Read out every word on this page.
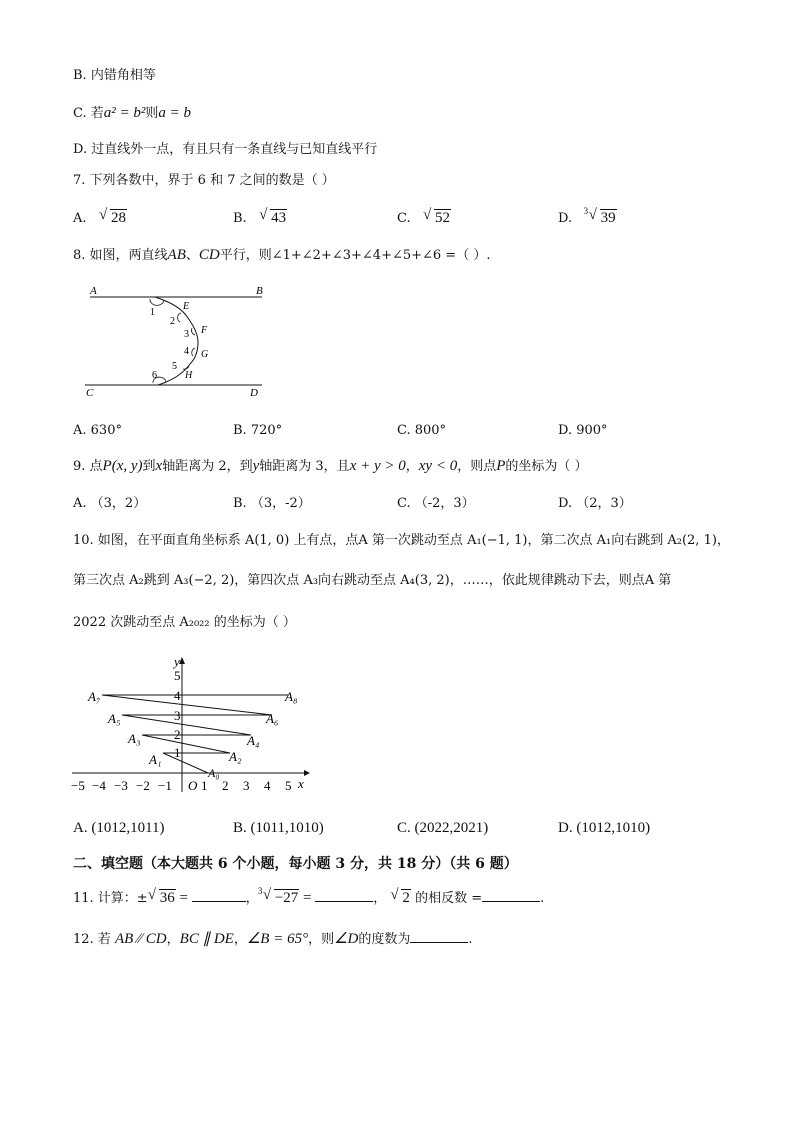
B. 内错角相等
C. 若a² = b²则a = b
D. 过直线外一点，有且只有一条直线与已知直线平行
7. 下列各数中，界于 6 和 7 之间的数是（ ）
A. √ 28	B. √ 43	C. √ 52	D. 3 √ 39
8. 如图，两直线AB、CD平行，则∠1+∠2+∠3+∠4+∠5+∠6 =（ ）.
A	B
C	D
E
F
G
H
1
2
3
4
5
6
A. 630°	B. 720°	C. 800°	D. 900°
9. 点P(x, y)到x轴距离为 2，到y轴距离为 3，且x + y > 0，xy < 0，则点P的坐标为（ ）
A. （3，2）	B. （3，-2）	C. （-2，3）	D. （2，3）
10. 如图，在平面直角坐标系 A(1, 0) 上有点，点A 第一次跳动至点 A₁(−1, 1)，第二次点 A₁向右跳到 A₂(2, 1)，
第三次点 A₂跳到 A₃(−2, 2)，第四次点 A₃向右跳动至点 A₄(3, 2)，……，依此规律跳动下去，则点A 第
2022 次跳动至点 A₂₀₂₂ 的坐标为（ ）
y
x
O
−5 −4 −3 −2 −1 1 2 3 4 5
1
2
3
4
5
A₀
A₁	A₂
A₃	A₄
A₅	A₆
A₇	A₈
A. (1012,1011)	B. (1011,1010)	C. (2022,2021)	D. (1012,1010)
二、填空题（本大题共 6 个小题，每小题 3 分，共 18 分）（共 6 题）
11. 计算：± √ 36 =	， 3 √ −27 =	， √ 2 的相反数 =	.
12. 若 AB ⁄⁄ CD，BC ∥ DE，∠B = 65°，则∠D的度数为	.
